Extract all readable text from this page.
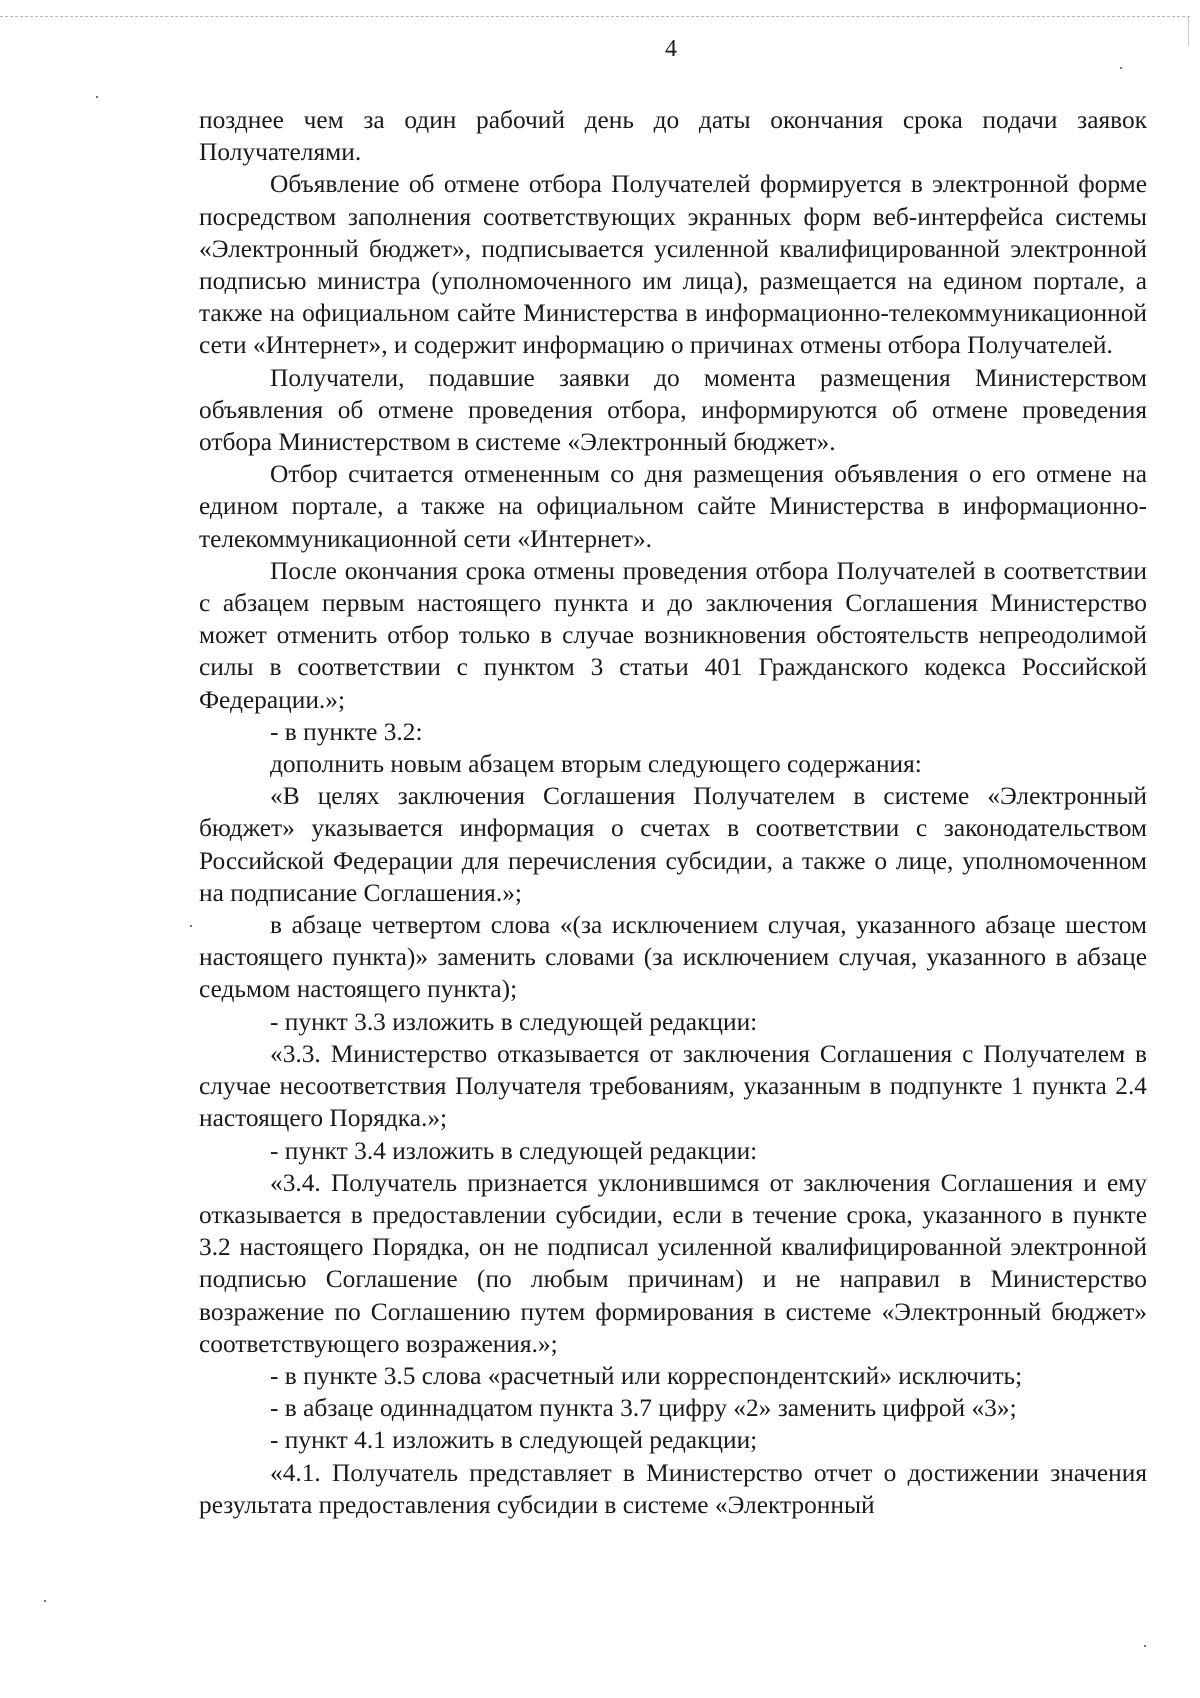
4

позднее чем за один рабочий день до даты окончания срока подачи заявок Получателями.

Объявление об отмене отбора Получателей формируется в электронной форме посредством заполнения соответствующих экранных форм веб-интерфейса системы «Электронный бюджет», подписывается усиленной квалифицированной электронной подписью министра (уполномоченного им лица), размещается на едином портале, а также на официальном сайте Министерства в информационно-телекоммуникационной сети «Интернет», и содержит информацию о причинах отмены отбора Получателей.

Получатели, подавшие заявки до момента размещения Министерством объявления об отмене проведения отбора, информируются об отмене проведения отбора Министерством в системе «Электронный бюджет».

Отбор считается отмененным со дня размещения объявления о его отмене на едином портале, а также на официальном сайте Министерства в информационно-телекоммуникационной сети «Интернет».

После окончания срока отмены проведения отбора Получателей в соответствии с абзацем первым настоящего пункта и до заключения Соглашения Министерство может отменить отбор только в случае возникновения обстоятельств непреодолимой силы в соответствии с пунктом 3 статьи 401 Гражданского кодекса Российской Федерации.»;

- в пункте 3.2:

дополнить новым абзацем вторым следующего содержания:

«В целях заключения Соглашения Получателем в системе «Электронный бюджет» указывается информация о счетах в соответствии с законодательством Российской Федерации для перечисления субсидии, а также о лице, уполномоченном на подписание Соглашения.»;

в абзаце четвертом слова «(за исключением случая, указанного абзаце шестом настоящего пункта)» заменить словами (за исключением случая, указанного в абзаце седьмом настоящего пункта);

- пункт 3.3 изложить в следующей редакции:

«3.3. Министерство отказывается от заключения Соглашения с Получателем в случае несоответствия Получателя требованиям, указанным в подпункте 1 пункта 2.4 настоящего Порядка.»;

- пункт 3.4 изложить в следующей редакции:

«3.4. Получатель признается уклонившимся от заключения Соглашения и ему отказывается в предоставлении субсидии, если в течение срока, указанного в пункте 3.2 настоящего Порядка, он не подписал усиленной квалифицированной электронной подписью Соглашение (по любым причинам) и не направил в Министерство возражение по Соглашению путем формирования в системе «Электронный бюджет» соответствующего возражения.»;

- в пункте 3.5 слова «расчетный или корреспондентский» исключить;

- в абзаце одиннадцатом пункта 3.7 цифру «2» заменить цифрой «3»;

- пункт 4.1 изложить в следующей редакции;

«4.1. Получатель представляет в Министерство отчет о достижении значения результата предоставления субсидии в системе «Электронный
